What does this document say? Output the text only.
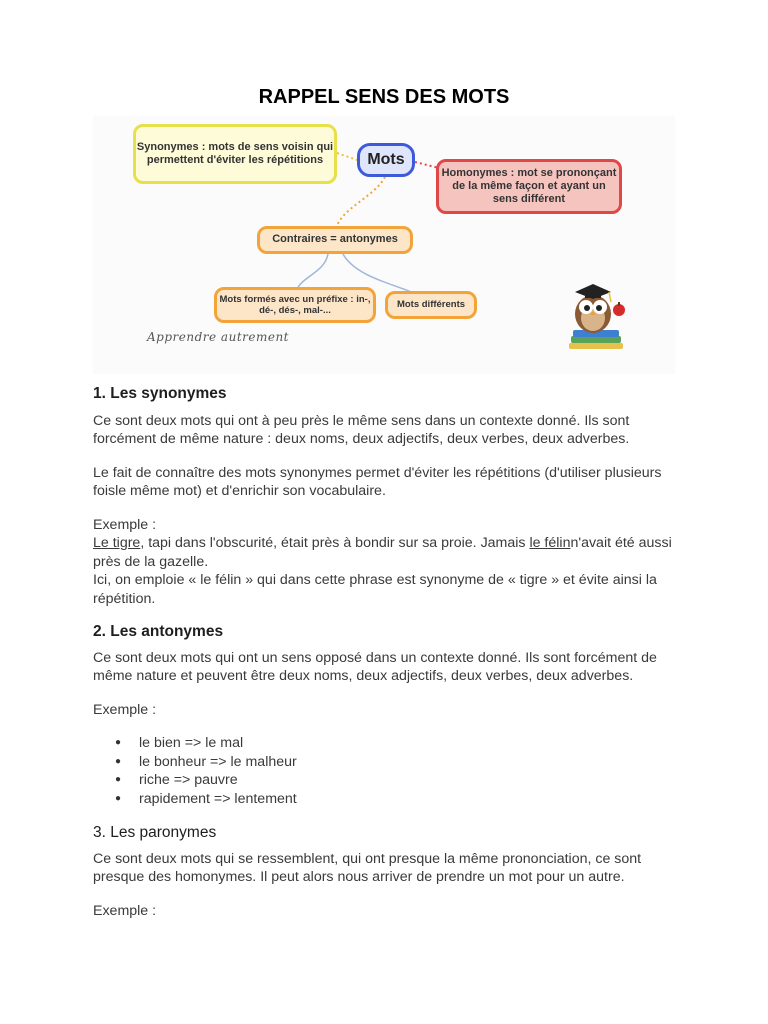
RAPPEL SENS DES MOTS
Synonymes : mots de sens voisin qui permettent d'éviter les répétitions	Mots
Homonymes : mot se prononçant de la même façon et ayant un sens différent
Contraires = antonymes
Mots formés avec un préfixe : in-, dé-, dés-, mal-...
Mots différents
Apprendre autrement
1. Les synonymes

Ce sont deux mots qui ont à peu près le même sens dans un contexte donné. Ils sont forcément de même nature : deux noms, deux adjectifs, deux verbes, deux adverbes.

Le fait de connaître des mots synonymes permet d'éviter les répétitions (d'utiliser plusieurs foisle même mot) et d'enrichir son vocabulaire.

Exemple :

Le tigre, tapi dans l'obscurité, était près à bondir sur sa proie. Jamais le félinn'avait été aussi près de la gazelle.

Ici, on emploie « le félin » qui dans cette phrase est synonyme de « tigre » et évite ainsi la répétition.

2. Les antonymes

Ce sont deux mots qui ont un sens opposé dans un contexte donné. Ils sont forcément de même nature et peuvent être deux noms, deux adjectifs, deux verbes, deux adverbes.

Exemple :

● le bien => le mal
● le bonheur => le malheur
● riche => pauvre
● rapidement => lentement
3. Les paronymes

Ce sont deux mots qui se ressemblent, qui ont presque la même prononciation, ce sont presque des homonymes. Il peut alors nous arriver de prendre un mot pour un autre.

Exemple :
